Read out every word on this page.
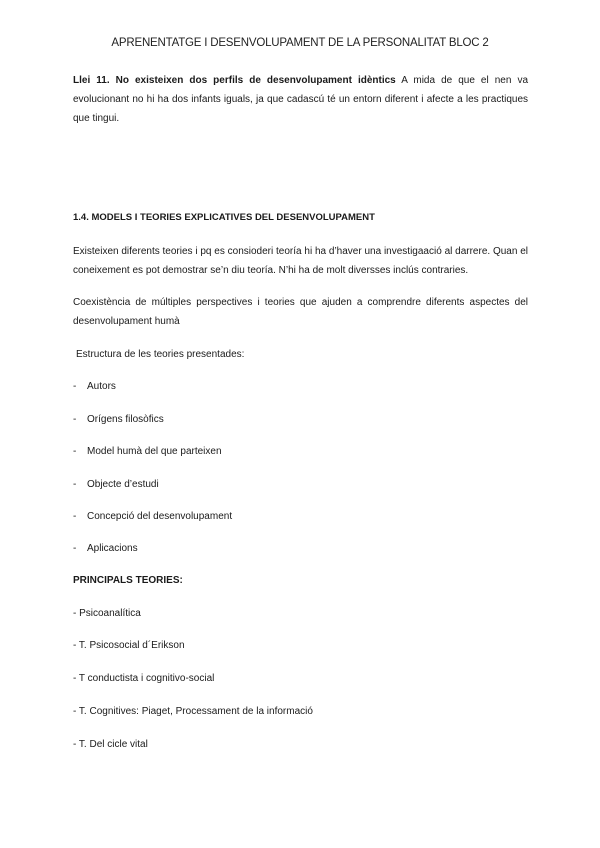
APRENENTATGE I DESENVOLUPAMENT DE LA PERSONALITAT BLOC 2
Llei 11. No existeixen dos perfils de desenvolupament idèntics A mida de que el nen va evolucionant no hi ha dos infants iguals, ja que cadascú té un entorn diferent i afecte a les practiques que tingui.
1.4. MODELS I TEORIES EXPLICATIVES DEL DESENVOLUPAMENT
Existeixen diferents teories i pq es consioderi teoría hi ha d’haver una investigaació al darrere. Quan el coneixement es pot demostrar se’n diu teoría. N’hi ha de molt diversses inclús contraries.
Coexistència de múltiples perspectives i teories que ajuden a comprendre diferents aspectes del desenvolupament humà
Estructura de les teories presentades:
- Autors
- Orígens filosòfics
- Model humà del que parteixen
- Objecte d’estudi
- Concepció del desenvolupament
- Aplicacions
PRINCIPALS TEORIES:
- Psicoanalítica
- T. Psicosocial d´Erikson
- T conductista i cognitivo-social
- T. Cognitives: Piaget, Processament de la informació
- T. Del cicle vital
